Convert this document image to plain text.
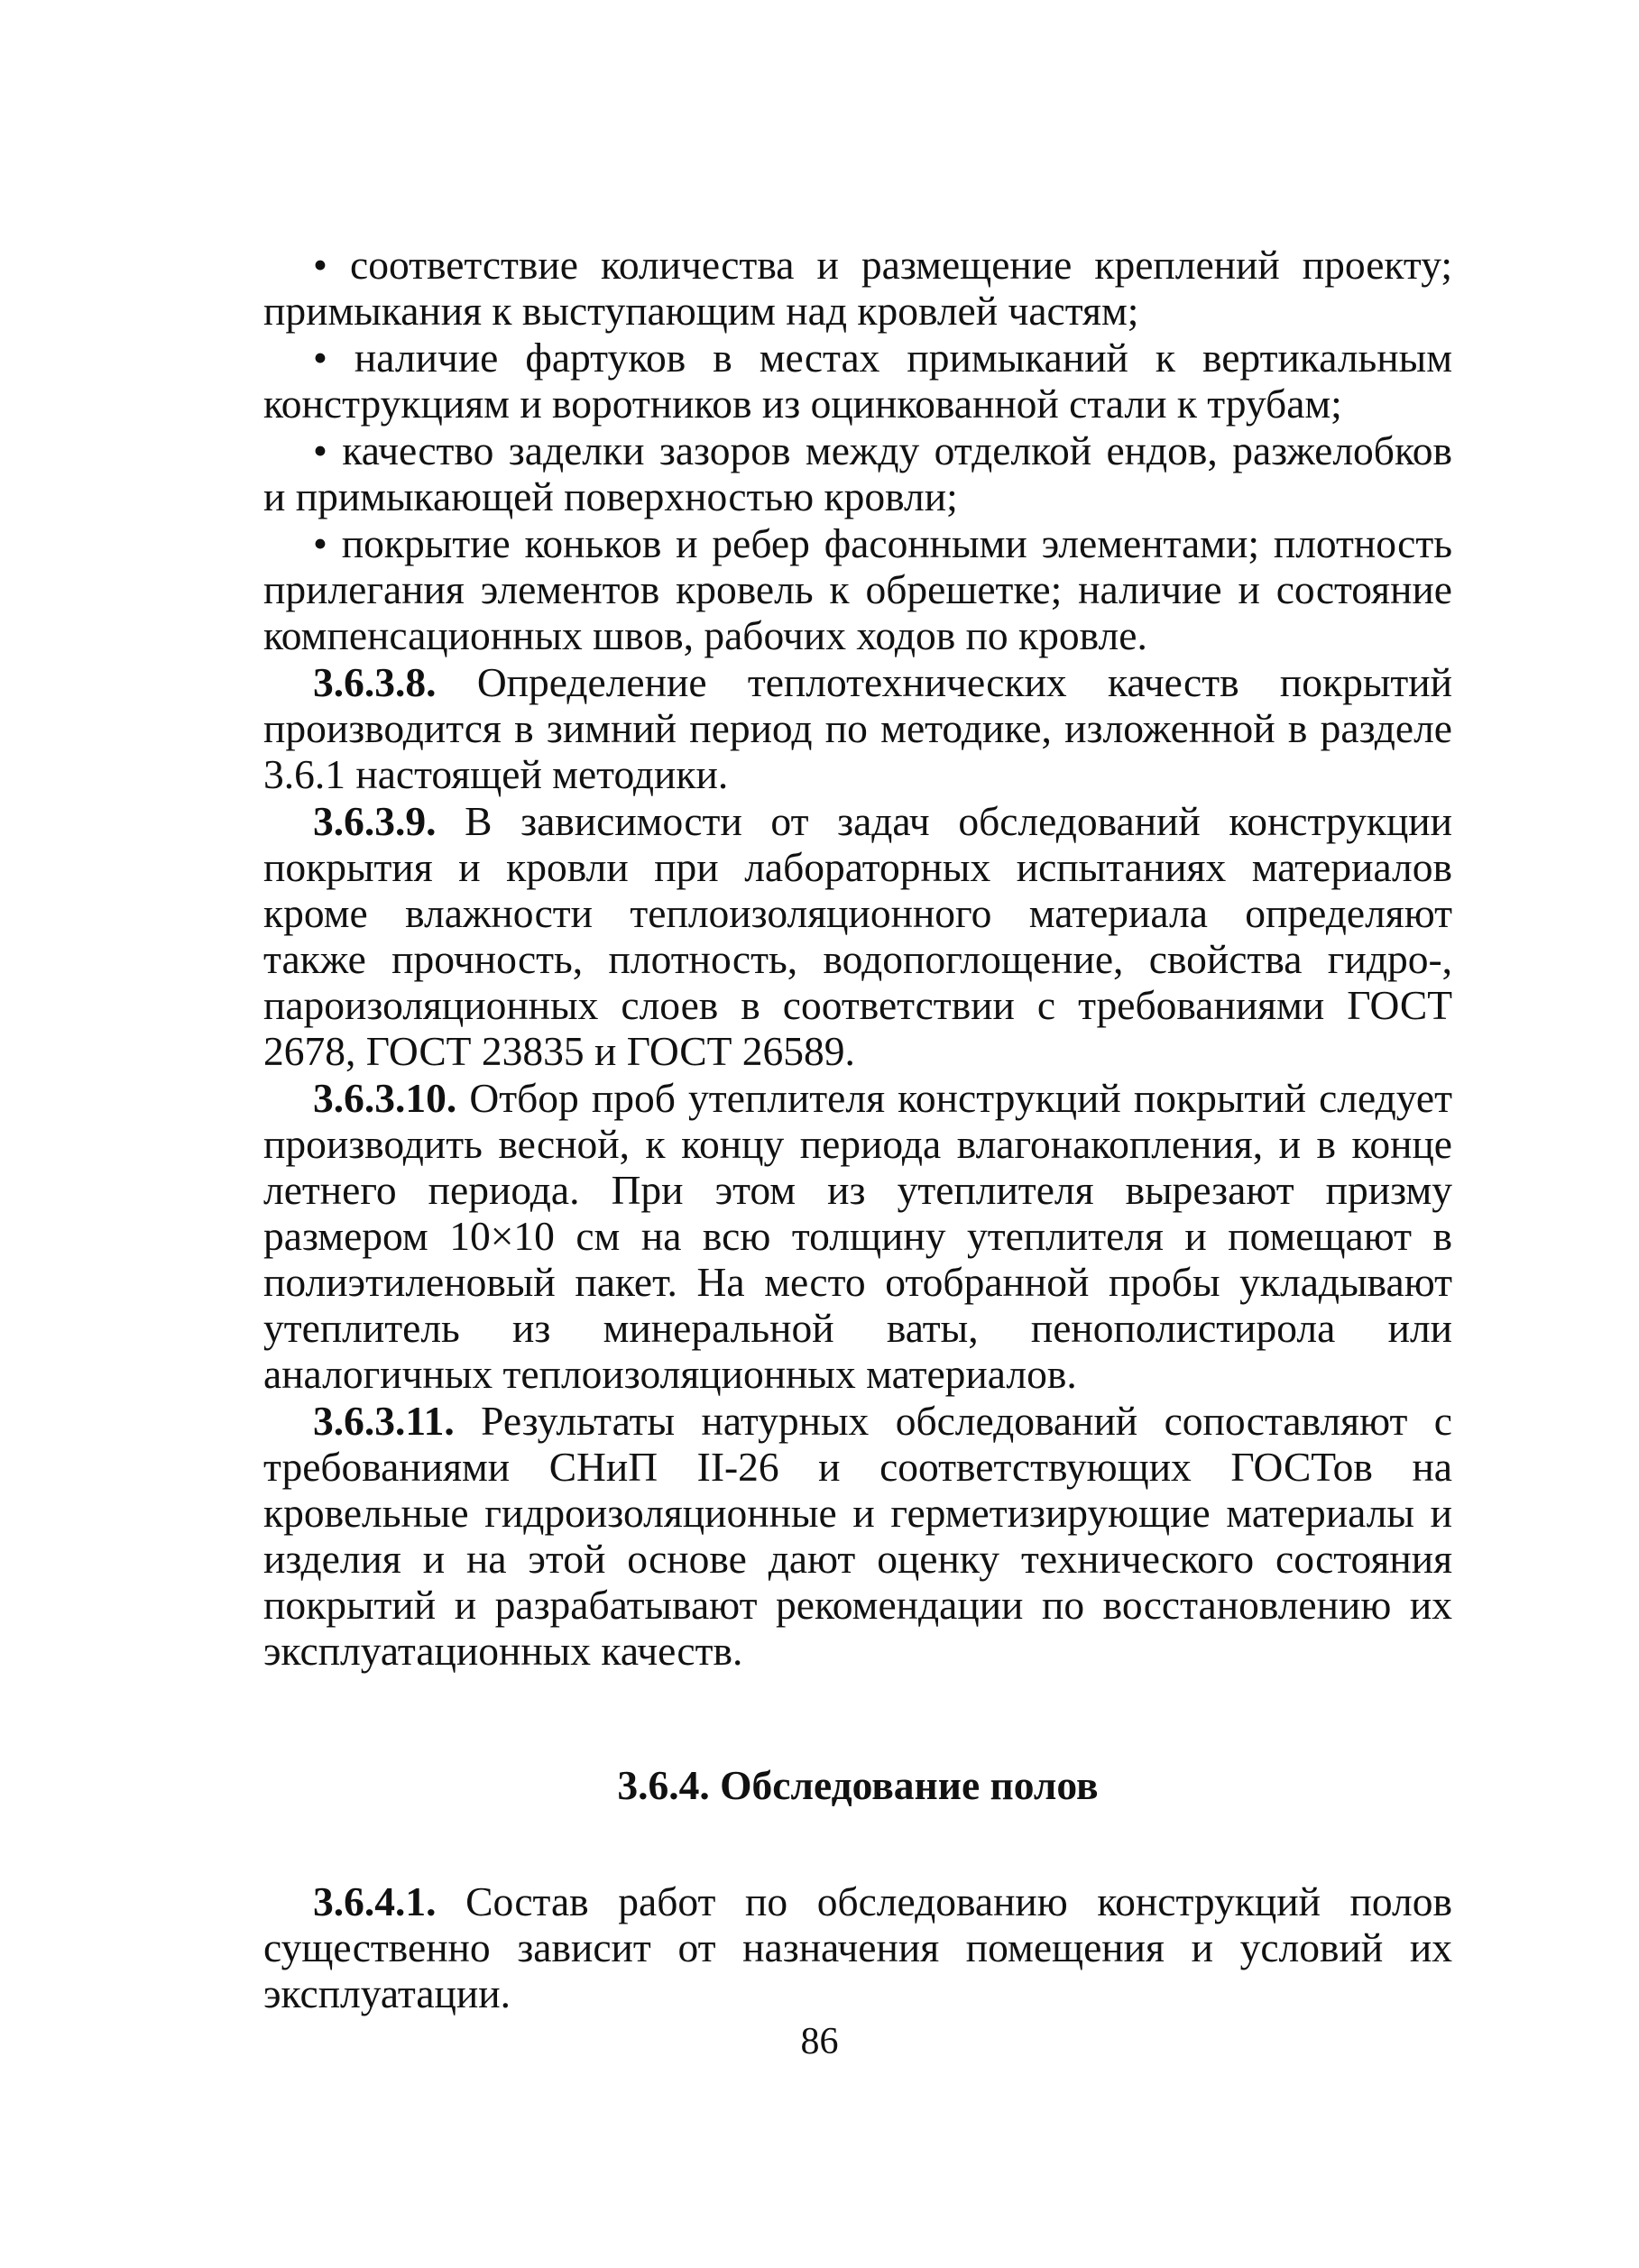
• соответствие количества и размещение креплений проекту; примыкания к выступающим над кровлей частям;

• наличие фартуков в местах примыканий к вертикальным конструкциям и воротников из оцинкованной стали к трубам;

• качество заделки зазоров между отделкой ендов, разжелобков и примыкающей поверхностью кровли;

• покрытие коньков и ребер фасонными элементами; плотность прилегания элементов кровель к обрешетке; наличие и состояние компенсационных швов, рабочих ходов по кровле.

3.6.3.8. Определение теплотехнических качеств покрытий производится в зимний период по методике, изложенной в разделе 3.6.1 настоящей методики.

3.6.3.9. В зависимости от задач обследований конструкции покрытия и кровли при лабораторных испытаниях материалов кроме влажности теплоизоляционного материала определяют также прочность, плотность, водопоглощение, свойства гидро-, пароизоляционных слоев в соответствии с требованиями ГОСТ 2678, ГОСТ 23835 и ГОСТ 26589.

3.6.3.10. Отбор проб утеплителя конструкций покрытий следует производить весной, к концу периода влагонакопления, и в конце летнего периода. При этом из утеплителя вырезают призму размером 10×10 см на всю толщину утеплителя и помещают в полиэтиленовый пакет. На место отобранной пробы укладывают утеплитель из минеральной ваты, пенополистирола или аналогичных теплоизоляционных материалов.

3.6.3.11. Результаты натурных обследований сопоставляют с требованиями СНиП II-26 и соответствующих ГОСТов на кровельные гидроизоляционные и герметизирующие материалы и изделия и на этой основе дают оценку технического состояния покрытий и разрабатывают рекомендации по восстановлению их эксплуатационных качеств.

3.6.4. Обследование полов

3.6.4.1. Состав работ по обследованию конструкций полов существенно зависит от назначения помещения и условий их эксплуатации.

86
